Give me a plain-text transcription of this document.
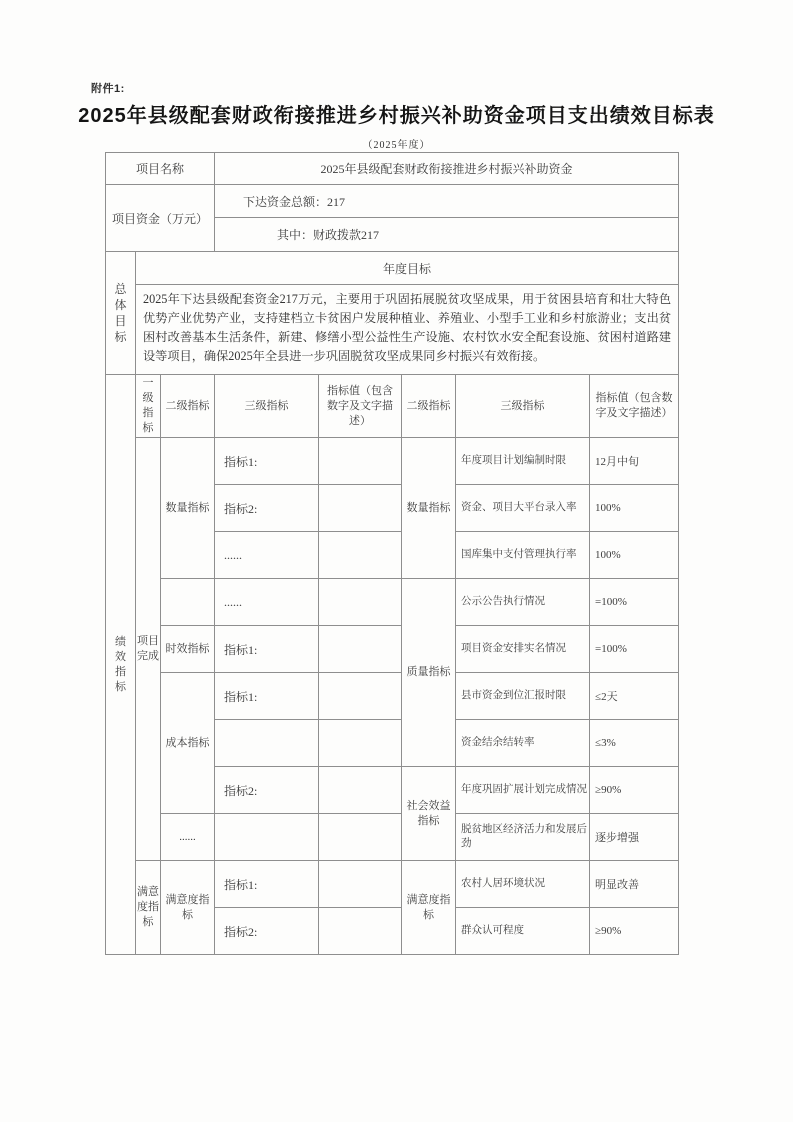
附件1:
2025年县级配套财政衔接推进乡村振兴补助资金项目支出绩效目标表
（2025年度）
项目名称			2025年县级配套财政衔接推进乡村振兴补助资金				
项目资金（万元）			下达资金总额：217				
			其中：财政拨款217				
总体目标	年度目标						
	2025年下达县级配套资金217万元，主要用于巩固拓展脱贫攻坚成果，用于贫困县培育和壮大特色优势产业优势产业，支持建档立卡贫困户发展种植业、养殖业、小型手工业和乡村旅游业；支出贫困村改善基本生活条件，新建、修缮小型公益性生产设施、农村饮水安全配套设施、贫困村道路建设等项目，确保2025年全县进一步巩固脱贫攻坚成果同乡村振兴有效衔接。						
绩效指标	一级指标	二级指标	三级指标	指标值（包含数字及文字描述）	二级指标	三级指标	指标值（包含数字及文字描述）
	项目完成	数量指标	指标1:		数量指标	年度项目计划编制时限	12月中旬
			指标2:			资金、项目大平台录入率	100%
			......			国库集中支付管理执行率	100%
			......		质量指标	公示公告执行情况	=100%
		时效指标	指标1:			项目资金安排实名情况	=100%
		成本指标	指标1:			县市资金到位汇报时限	≤2天
						资金结余结转率	≤3%
			指标2:		社会效益指标	年度巩固扩展计划完成情况	≥90%
		......				脱贫地区经济活力和发展后劲	逐步增强
	满意度指标	满意度指标	指标1:		满意度指标	农村人居环境状况	明显改善
			指标2:			群众认可程度	≥90%
